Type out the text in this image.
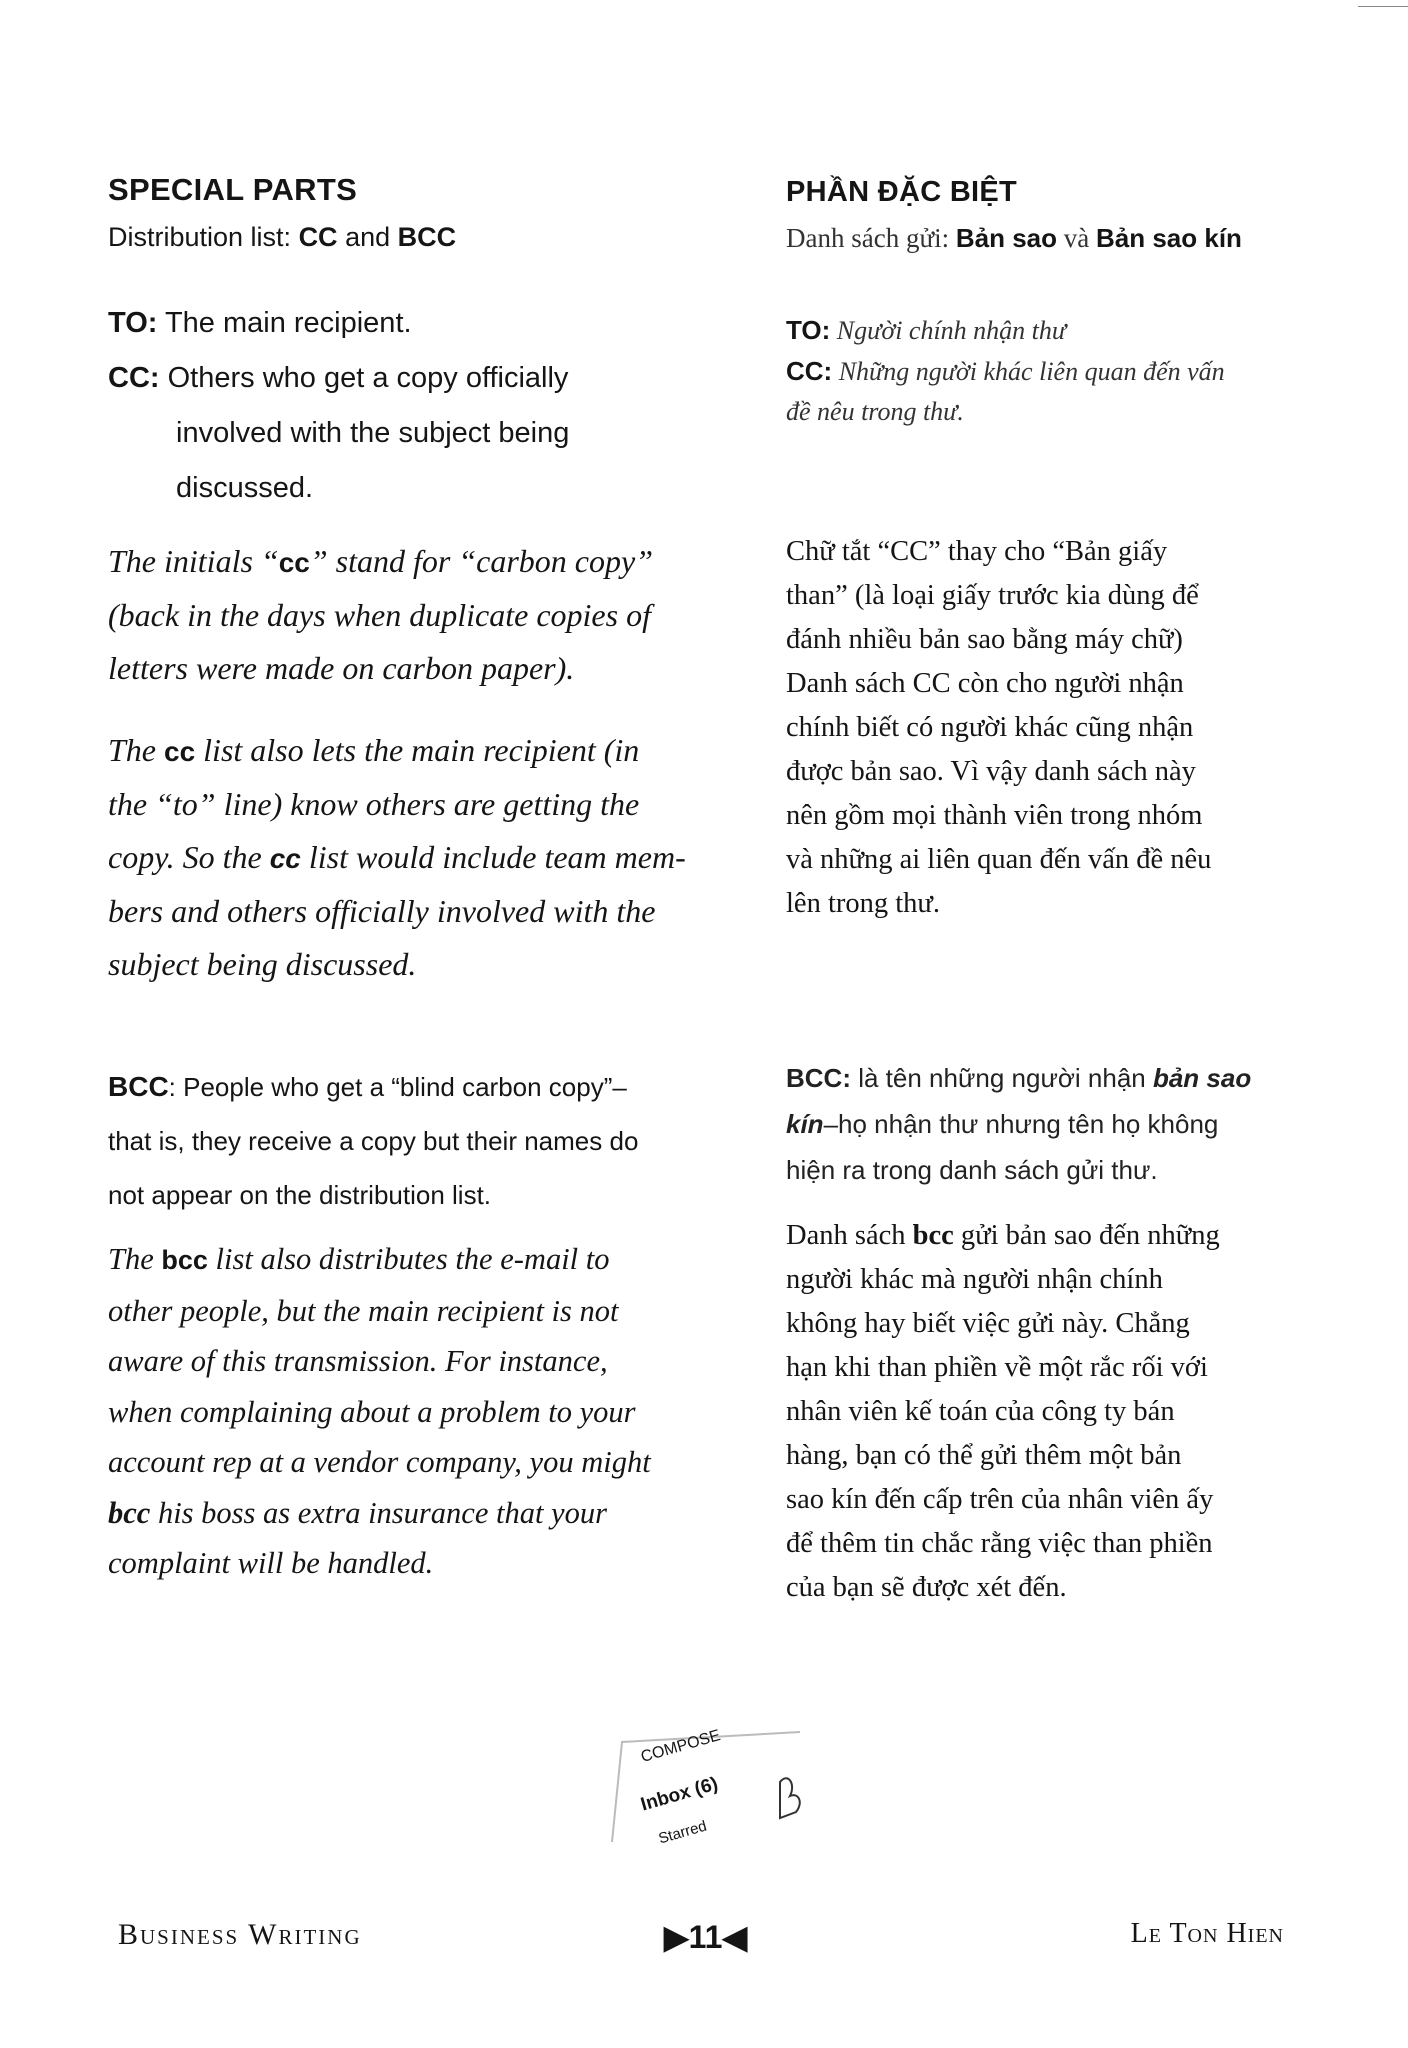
SPECIAL PARTS
Distribution list: CC and BCC
TO: The main recipient.
CC: Others who get a copy officially
involved with the subject being
discussed.
The initials “cc” stand for “carbon copy”
(back in the days when duplicate copies of
letters were made on carbon paper).
The cc list also lets the main recipient (in
the “to” line) know others are getting the
copy. So the cc list would include team mem-
bers and others officially involved with the
subject being discussed.
BCC: People who get a “blind carbon copy”–
that is, they receive a copy but their names do
not appear on the distribution list.
The bcc list also distributes the e-mail to
other people, but the main recipient is not
aware of this transmission. For instance,
when complaining about a problem to your
account rep at a vendor company, you might
bcc his boss as extra insurance that your
complaint will be handled.
PHẦN ĐẶC BIỆT
Danh sách gửi: Bản sao và Bản sao kín
TO: Người chính nhận thư
CC: Những người khác liên quan đến vấn
đề nêu trong thư.
Chữ tắt “CC” thay cho “Bản giấy
than” (là loại giấy trước kia dùng để
đánh nhiều bản sao bằng máy chữ)
Danh sách CC còn cho người nhận
chính biết có người khác cũng nhận
được bản sao. Vì vậy danh sách này
nên gồm mọi thành viên trong nhóm
và những ai liên quan đến vấn đề nêu
lên trong thư.
BCC: là tên những người nhận bản sao
kín–họ nhận thư nhưng tên họ không
hiện ra trong danh sách gửi thư.
Danh sách bcc gửi bản sao đến những
người khác mà người nhận chính
không hay biết việc gửi này. Chẳng
hạn khi than phiền về một rắc rối với
nhân viên kế toán của công ty bán
hàng, bạn có thể gửi thêm một bản
sao kín đến cấp trên của nhân viên ấy
để thêm tin chắc rằng việc than phiền
của bạn sẽ được xét đến.
COMPOSE
Inbox (6)
Starred
Business Writing	▶11◀	Le Ton Hien
